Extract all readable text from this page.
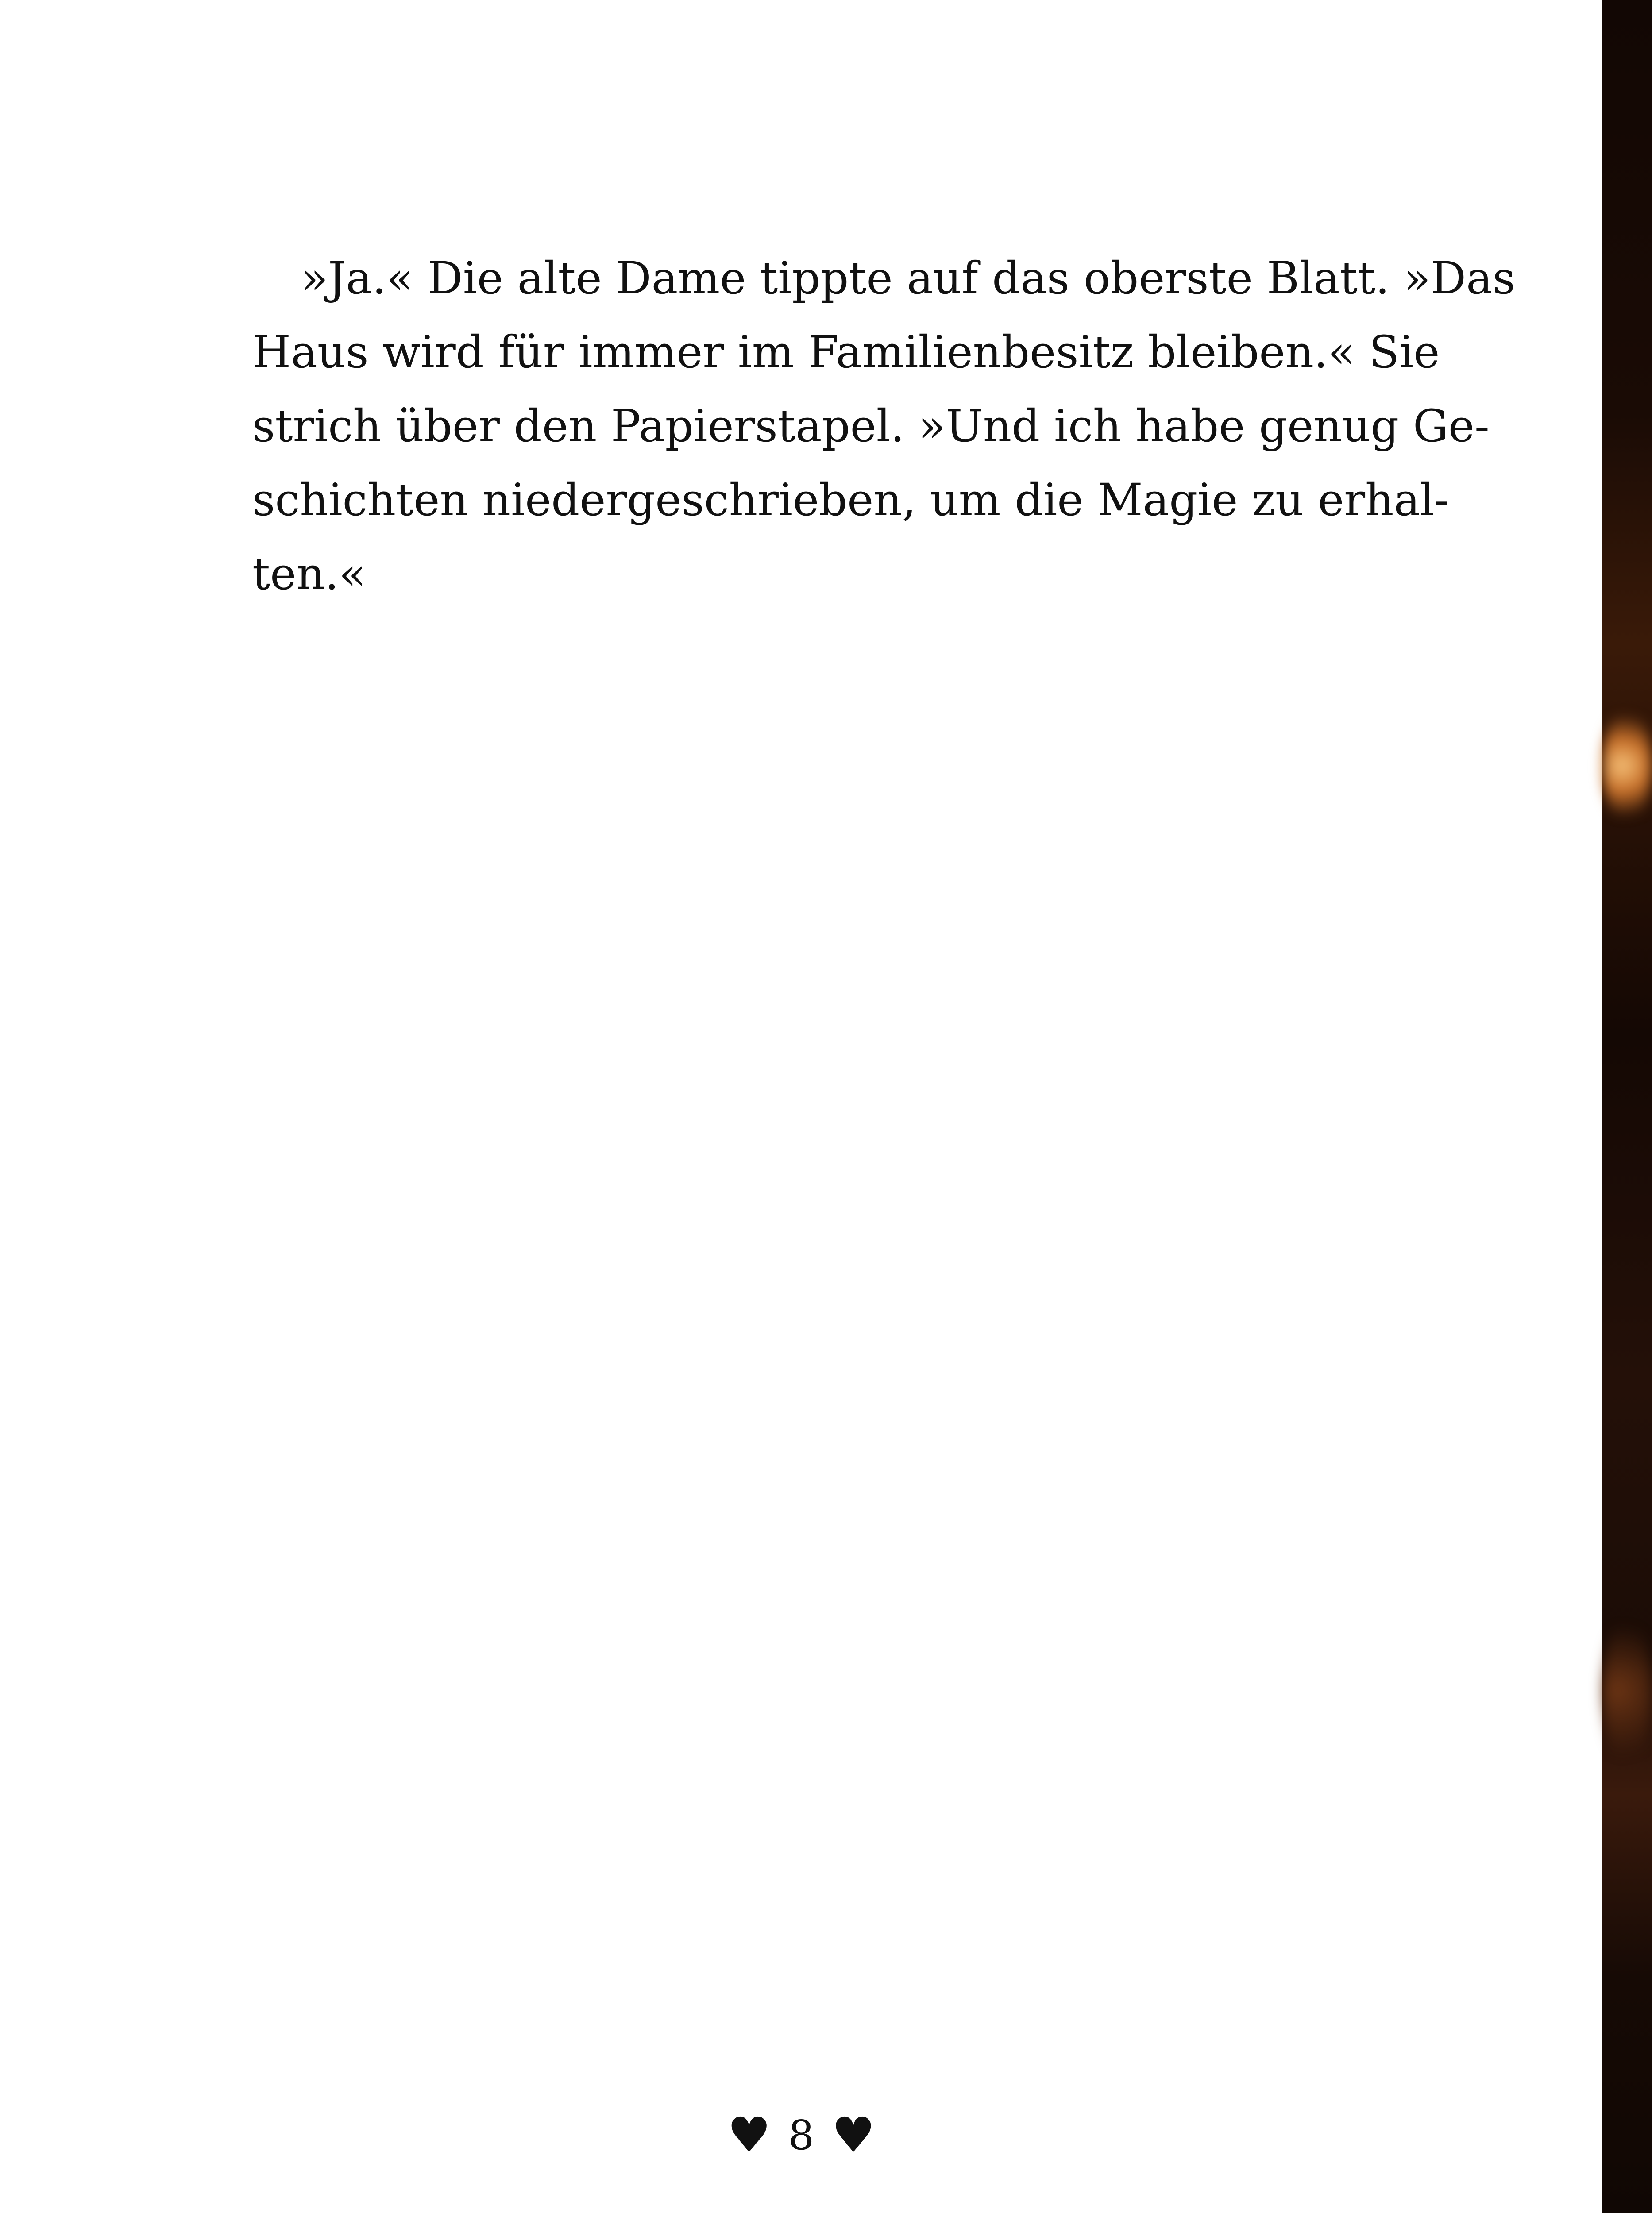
»Ja.« Die alte Dame tippte auf das oberste Blatt. »Das
Haus wird für immer im Familienbesitz bleiben.« Sie
strich über den Papierstapel. »Und ich habe genug Ge-
schichten niedergeschrieben, um die Magie zu erhal-
ten.«
♥ 8 ♥
